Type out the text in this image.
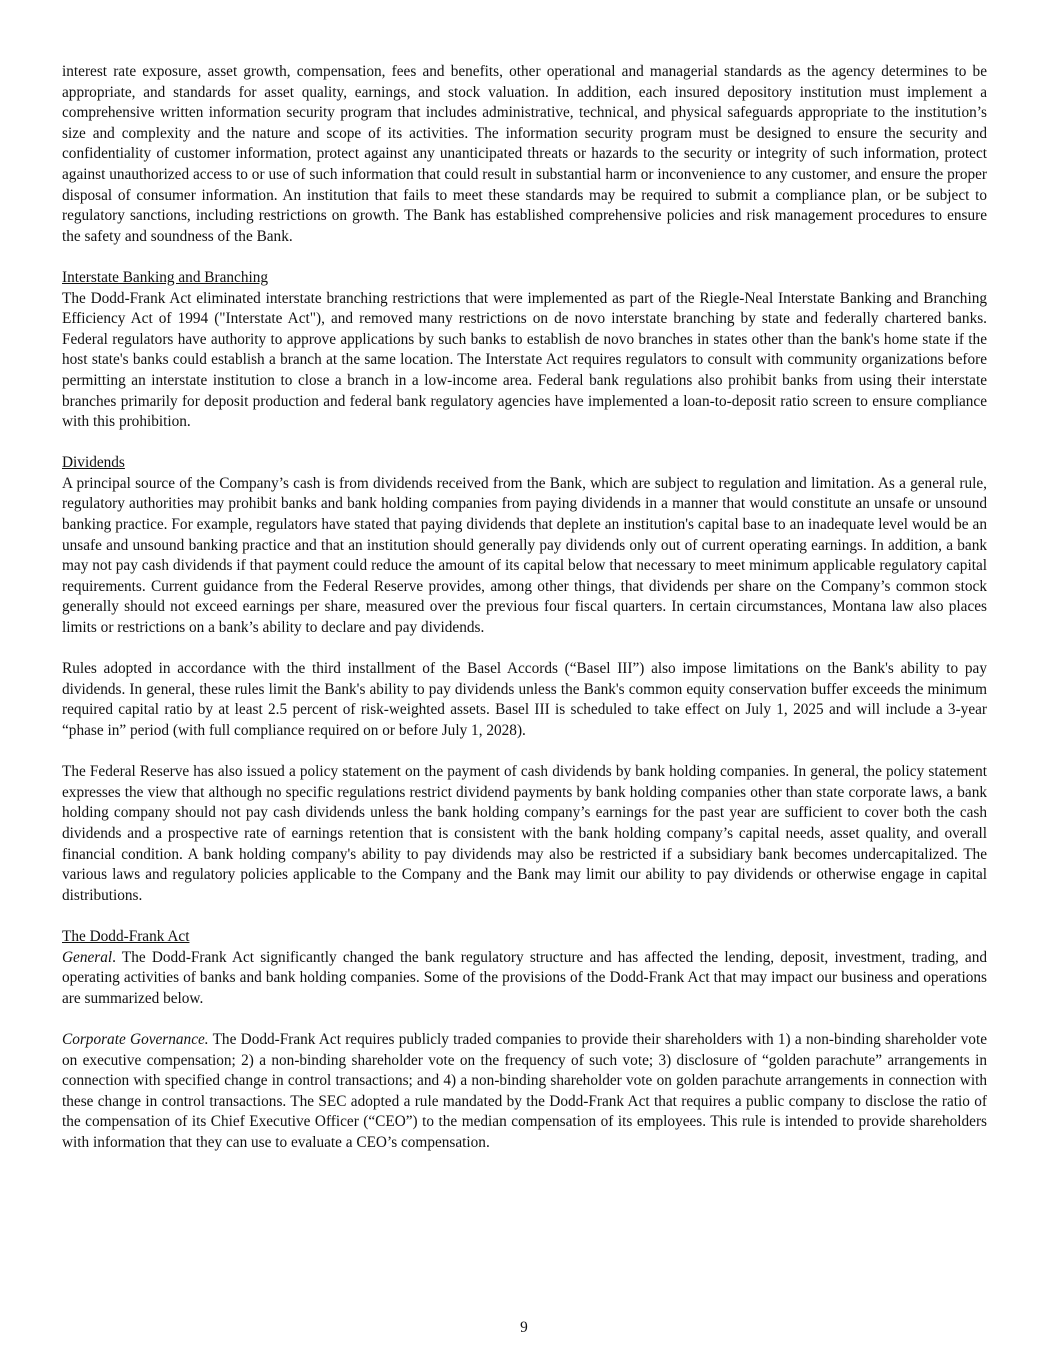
interest rate exposure, asset growth, compensation, fees and benefits, other operational and managerial standards as the agency determines to be appropriate, and standards for asset quality, earnings, and stock valuation. In addition, each insured depository institution must implement a comprehensive written information security program that includes administrative, technical, and physical safeguards appropriate to the institution’s size and complexity and the nature and scope of its activities. The information security program must be designed to ensure the security and confidentiality of customer information, protect against any unanticipated threats or hazards to the security or integrity of such information, protect against unauthorized access to or use of such information that could result in substantial harm or inconvenience to any customer, and ensure the proper disposal of consumer information. An institution that fails to meet these standards may be required to submit a compliance plan, or be subject to regulatory sanctions, including restrictions on growth. The Bank has established comprehensive policies and risk management procedures to ensure the safety and soundness of the Bank.

Interstate Banking and Branching

The Dodd-Frank Act eliminated interstate branching restrictions that were implemented as part of the Riegle-Neal Interstate Banking and Branching Efficiency Act of 1994 ("Interstate Act"), and removed many restrictions on de novo interstate branching by state and federally chartered banks. Federal regulators have authority to approve applications by such banks to establish de novo branches in states other than the bank's home state if the host state's banks could establish a branch at the same location. The Interstate Act requires regulators to consult with community organizations before permitting an interstate institution to close a branch in a low-income area. Federal bank regulations also prohibit banks from using their interstate branches primarily for deposit production and federal bank regulatory agencies have implemented a loan-to-deposit ratio screen to ensure compliance with this prohibition.

Dividends

A principal source of the Company’s cash is from dividends received from the Bank, which are subject to regulation and limitation. As a general rule, regulatory authorities may prohibit banks and bank holding companies from paying dividends in a manner that would constitute an unsafe or unsound banking practice. For example, regulators have stated that paying dividends that deplete an institution's capital base to an inadequate level would be an unsafe and unsound banking practice and that an institution should generally pay dividends only out of current operating earnings. In addition, a bank may not pay cash dividends if that payment could reduce the amount of its capital below that necessary to meet minimum applicable regulatory capital requirements. Current guidance from the Federal Reserve provides, among other things, that dividends per share on the Company’s common stock generally should not exceed earnings per share, measured over the previous four fiscal quarters. In certain circumstances, Montana law also places limits or restrictions on a bank’s ability to declare and pay dividends.

Rules adopted in accordance with the third installment of the Basel Accords (“Basel III”) also impose limitations on the Bank's ability to pay dividends. In general, these rules limit the Bank's ability to pay dividends unless the Bank's common equity conservation buffer exceeds the minimum required capital ratio by at least 2.5 percent of risk-weighted assets. Basel III is scheduled to take effect on July 1, 2025 and will include a 3-year “phase in” period (with full compliance required on or before July 1, 2028).

The Federal Reserve has also issued a policy statement on the payment of cash dividends by bank holding companies. In general, the policy statement expresses the view that although no specific regulations restrict dividend payments by bank holding companies other than state corporate laws, a bank holding company should not pay cash dividends unless the bank holding company’s earnings for the past year are sufficient to cover both the cash dividends and a prospective rate of earnings retention that is consistent with the bank holding company’s capital needs, asset quality, and overall financial condition. A bank holding company's ability to pay dividends may also be restricted if a subsidiary bank becomes undercapitalized. The various laws and regulatory policies applicable to the Company and the Bank may limit our ability to pay dividends or otherwise engage in capital distributions.

The Dodd-Frank Act

General. The Dodd-Frank Act significantly changed the bank regulatory structure and has affected the lending, deposit, investment, trading, and operating activities of banks and bank holding companies. Some of the provisions of the Dodd-Frank Act that may impact our business and operations are summarized below.

Corporate Governance. The Dodd-Frank Act requires publicly traded companies to provide their shareholders with 1) a non-binding shareholder vote on executive compensation; 2) a non-binding shareholder vote on the frequency of such vote; 3) disclosure of “golden parachute” arrangements in connection with specified change in control transactions; and 4) a non-binding shareholder vote on golden parachute arrangements in connection with these change in control transactions. The SEC adopted a rule mandated by the Dodd-Frank Act that requires a public company to disclose the ratio of the compensation of its Chief Executive Officer (“CEO”) to the median compensation of its employees. This rule is intended to provide shareholders with information that they can use to evaluate a CEO’s compensation.

9
